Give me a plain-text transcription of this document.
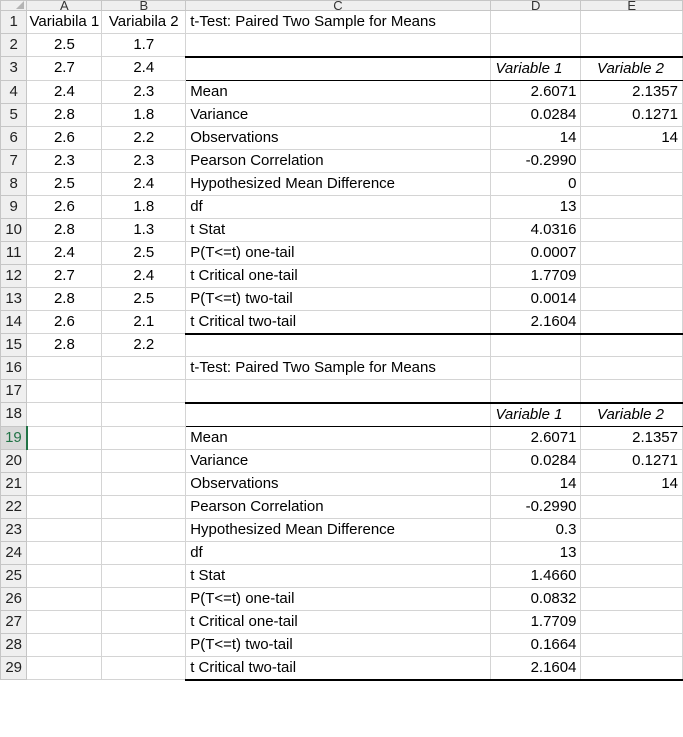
	A	B	C	D	E
1	Variabila 1	Variabila 2	t-Test: Paired Two Sample for Means		
2	2.5	1.7			
3	2.7	2.4		Variable 1	Variable 2
4	2.4	2.3	Mean	2.6071	2.1357
5	2.8	1.8	Variance	0.0284	0.1271
6	2.6	2.2	Observations	14	14
7	2.3	2.3	Pearson Correlation	-0.2990	
8	2.5	2.4	Hypothesized Mean Difference	0	
9	2.6	1.8	df	13	
10	2.8	1.3	t Stat	4.0316	
11	2.4	2.5	P(T<=t) one-tail	0.0007	
12	2.7	2.4	t Critical one-tail	1.7709	
13	2.8	2.5	P(T<=t) two-tail	0.0014	
14	2.6	2.1	t Critical two-tail	2.1604	
15	2.8	2.2			
16			t-Test: Paired Two Sample for Means		
17					
18				Variable 1	Variable 2
19			Mean	2.6071	2.1357
20			Variance	0.0284	0.1271
21			Observations	14	14
22			Pearson Correlation	-0.2990	
23			Hypothesized Mean Difference	0.3	
24			df	13	
25			t Stat	1.4660	
26			P(T<=t) one-tail	0.0832	
27			t Critical one-tail	1.7709	
28			P(T<=t) two-tail	0.1664	
29			t Critical two-tail	2.1604	
